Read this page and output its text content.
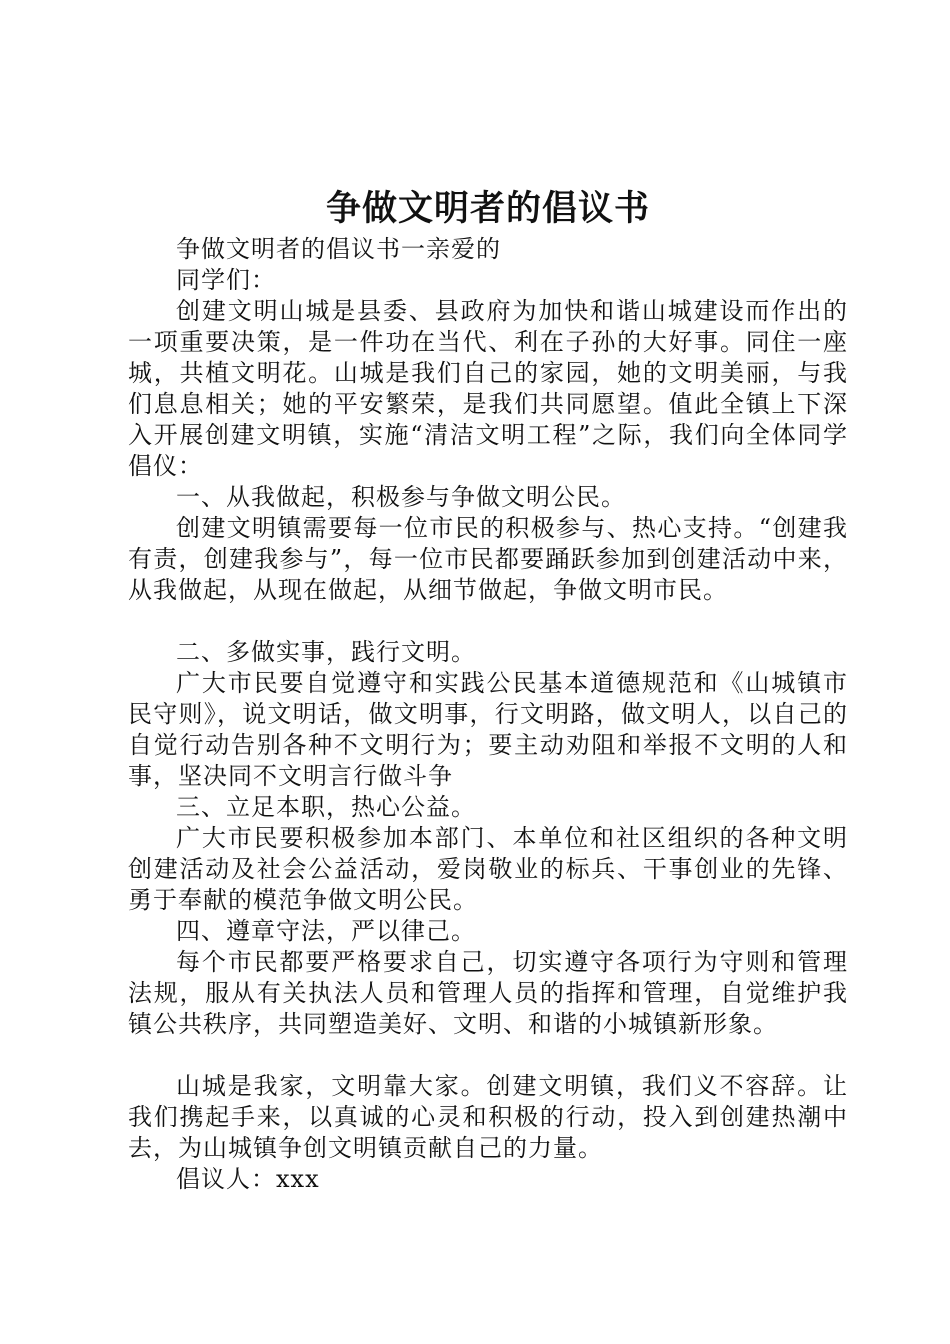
争做文明者的倡议书

争做文明者的倡议书一亲爱的

同学们：

创建文明山城是县委、县政府为加快和谐山城建设而作出的一项重要决策，是一件功在当代、利在子孙的大好事。同住一座城，共植文明花。山城是我们自己的家园，她的文明美丽，与我们息息相关；她的平安繁荣，是我们共同愿望。值此全镇上下深入开展创建文明镇，实施“清洁文明工程”之际，我们向全体同学倡仪：

一、从我做起，积极参与争做文明公民。

创建文明镇需要每一位市民的积极参与、热心支持。“创建我有责，创建我参与”，每一位市民都要踊跃参加到创建活动中来，从我做起，从现在做起，从细节做起，争做文明市民。

二、多做实事，践行文明。

广大市民要自觉遵守和实践公民基本道德规范和《山城镇市民守则》，说文明话，做文明事，行文明路，做文明人，以自己的自觉行动告别各种不文明行为；要主动劝阻和举报不文明的人和事，坚决同不文明言行做斗争

三、立足本职，热心公益。

广大市民要积极参加本部门、本单位和社区组织的各种文明创建活动及社会公益活动，爱岗敬业的标兵、干事创业的先锋、勇于奉献的模范争做文明公民。

四、遵章守法，严以律己。

每个市民都要严格要求自己，切实遵守各项行为守则和管理法规，服从有关执法人员和管理人员的指挥和管理，自觉维护我镇公共秩序，共同塑造美好、文明、和谐的小城镇新形象。

山城是我家，文明靠大家。创建文明镇，我们义不容辞。让我们携起手来，以真诚的心灵和积极的行动，投入到创建热潮中去，为山城镇争创文明镇贡献自己的力量。

倡议人：xxx
